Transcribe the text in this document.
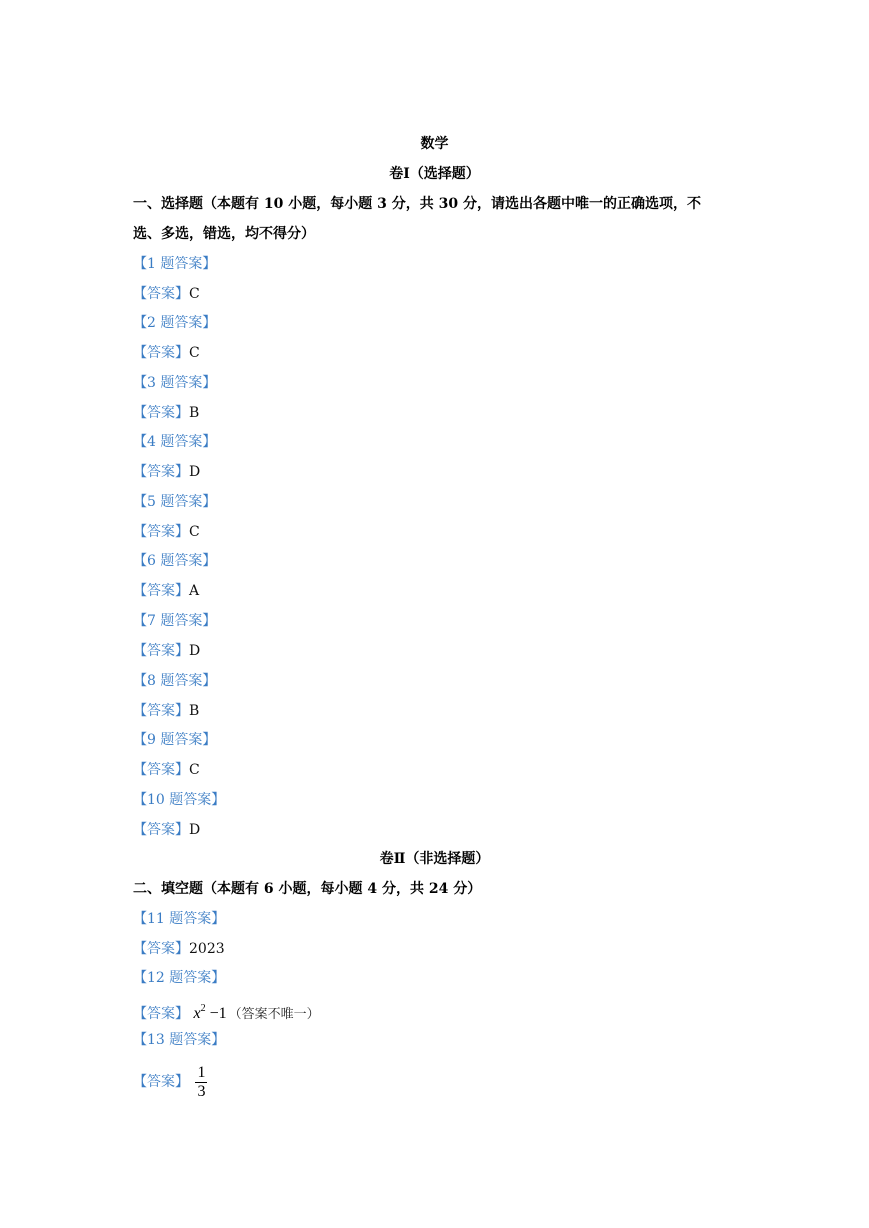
数学
卷Ⅰ（选择题）
一、选择题（本题有 10 小题，每小题 3 分，共 30 分，请选出各题中唯一的正确选项，不
选、多选，错选，均不得分）
【1 题答案】
【答案】C
【2 题答案】
【答案】C
【3 题答案】
【答案】B
【4 题答案】
【答案】D
【5 题答案】
【答案】C
【6 题答案】
【答案】A
【7 题答案】
【答案】D
【8 题答案】
【答案】B
【9 题答案】
【答案】C
【10 题答案】
【答案】D
卷Ⅱ（非选择题）
二、填空题（本题有 6 小题，每小题 4 分，共 24 分）
【11 题答案】
【答案】2023
【12 题答案】
【答案】 $x^2 -1$ （答案不唯一）
【13 题答案】
【答案】 $\frac{1}{3}$
